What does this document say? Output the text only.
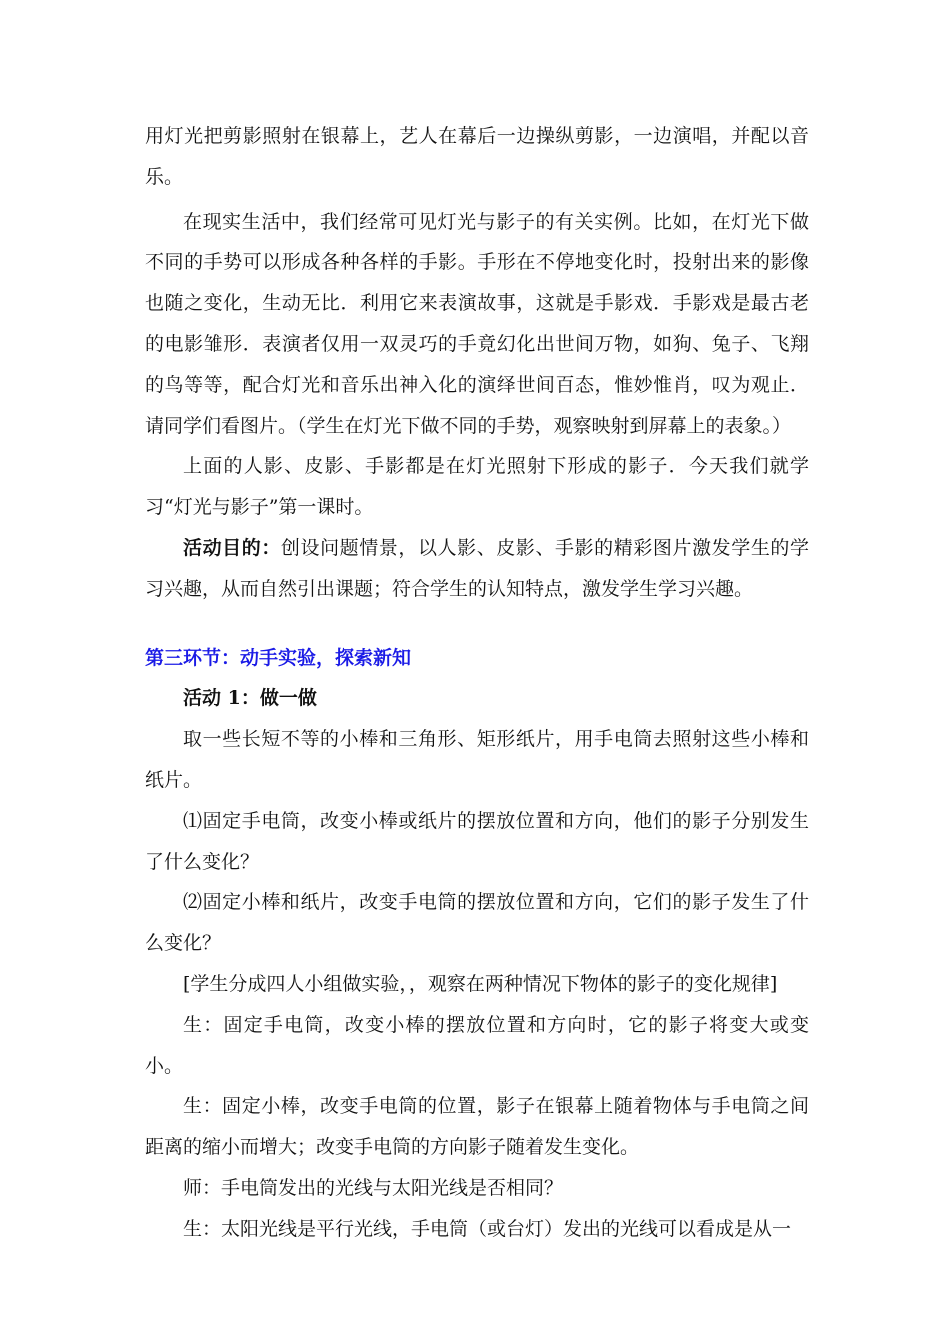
用灯光把剪影照射在银幕上，艺人在幕后一边操纵剪影，一边演唱，并配以音乐。

在现实生活中，我们经常可见灯光与影子的有关实例。比如，在灯光下做不同的手势可以形成各种各样的手影。手形在不停地变化时，投射出来的影像也随之变化，生动无比．利用它来表演故事，这就是手影戏．手影戏是最古老的电影雏形．表演者仅用一双灵巧的手竟幻化出世间万物，如狗、兔子、飞翔的鸟等等，配合灯光和音乐出神入化的演绎世间百态，惟妙惟肖，叹为观止．请同学们看图片。（学生在灯光下做不同的手势，观察映射到屏幕上的表象。）

上面的人影、皮影、手影都是在灯光照射下形成的影子．今天我们就学习“灯光与影子”第一课时。

活动目的：创设问题情景，以人影、皮影、手影的精彩图片激发学生的学习兴趣，从而自然引出课题；符合学生的认知特点，激发学生学习兴趣。

第三环节：动手实验，探索新知

活动 1：做一做

取一些长短不等的小棒和三角形、矩形纸片，用手电筒去照射这些小棒和纸片。

⑴固定手电筒，改变小棒或纸片的摆放位置和方向，他们的影子分别发生了什么变化？

⑵固定小棒和纸片，改变手电筒的摆放位置和方向，它们的影子发生了什么变化？

[学生分成四人小组做实验，，观察在两种情况下物体的影子的变化规律]

生：固定手电筒，改变小棒的摆放位置和方向时，它的影子将变大或变小。

生：固定小棒，改变手电筒的位置，影子在银幕上随着物体与手电筒之间距离的缩小而增大；改变手电筒的方向影子随着发生变化。

师：手电筒发出的光线与太阳光线是否相同？

生：太阳光线是平行光线，手电筒（或台灯）发出的光线可以看成是从一
